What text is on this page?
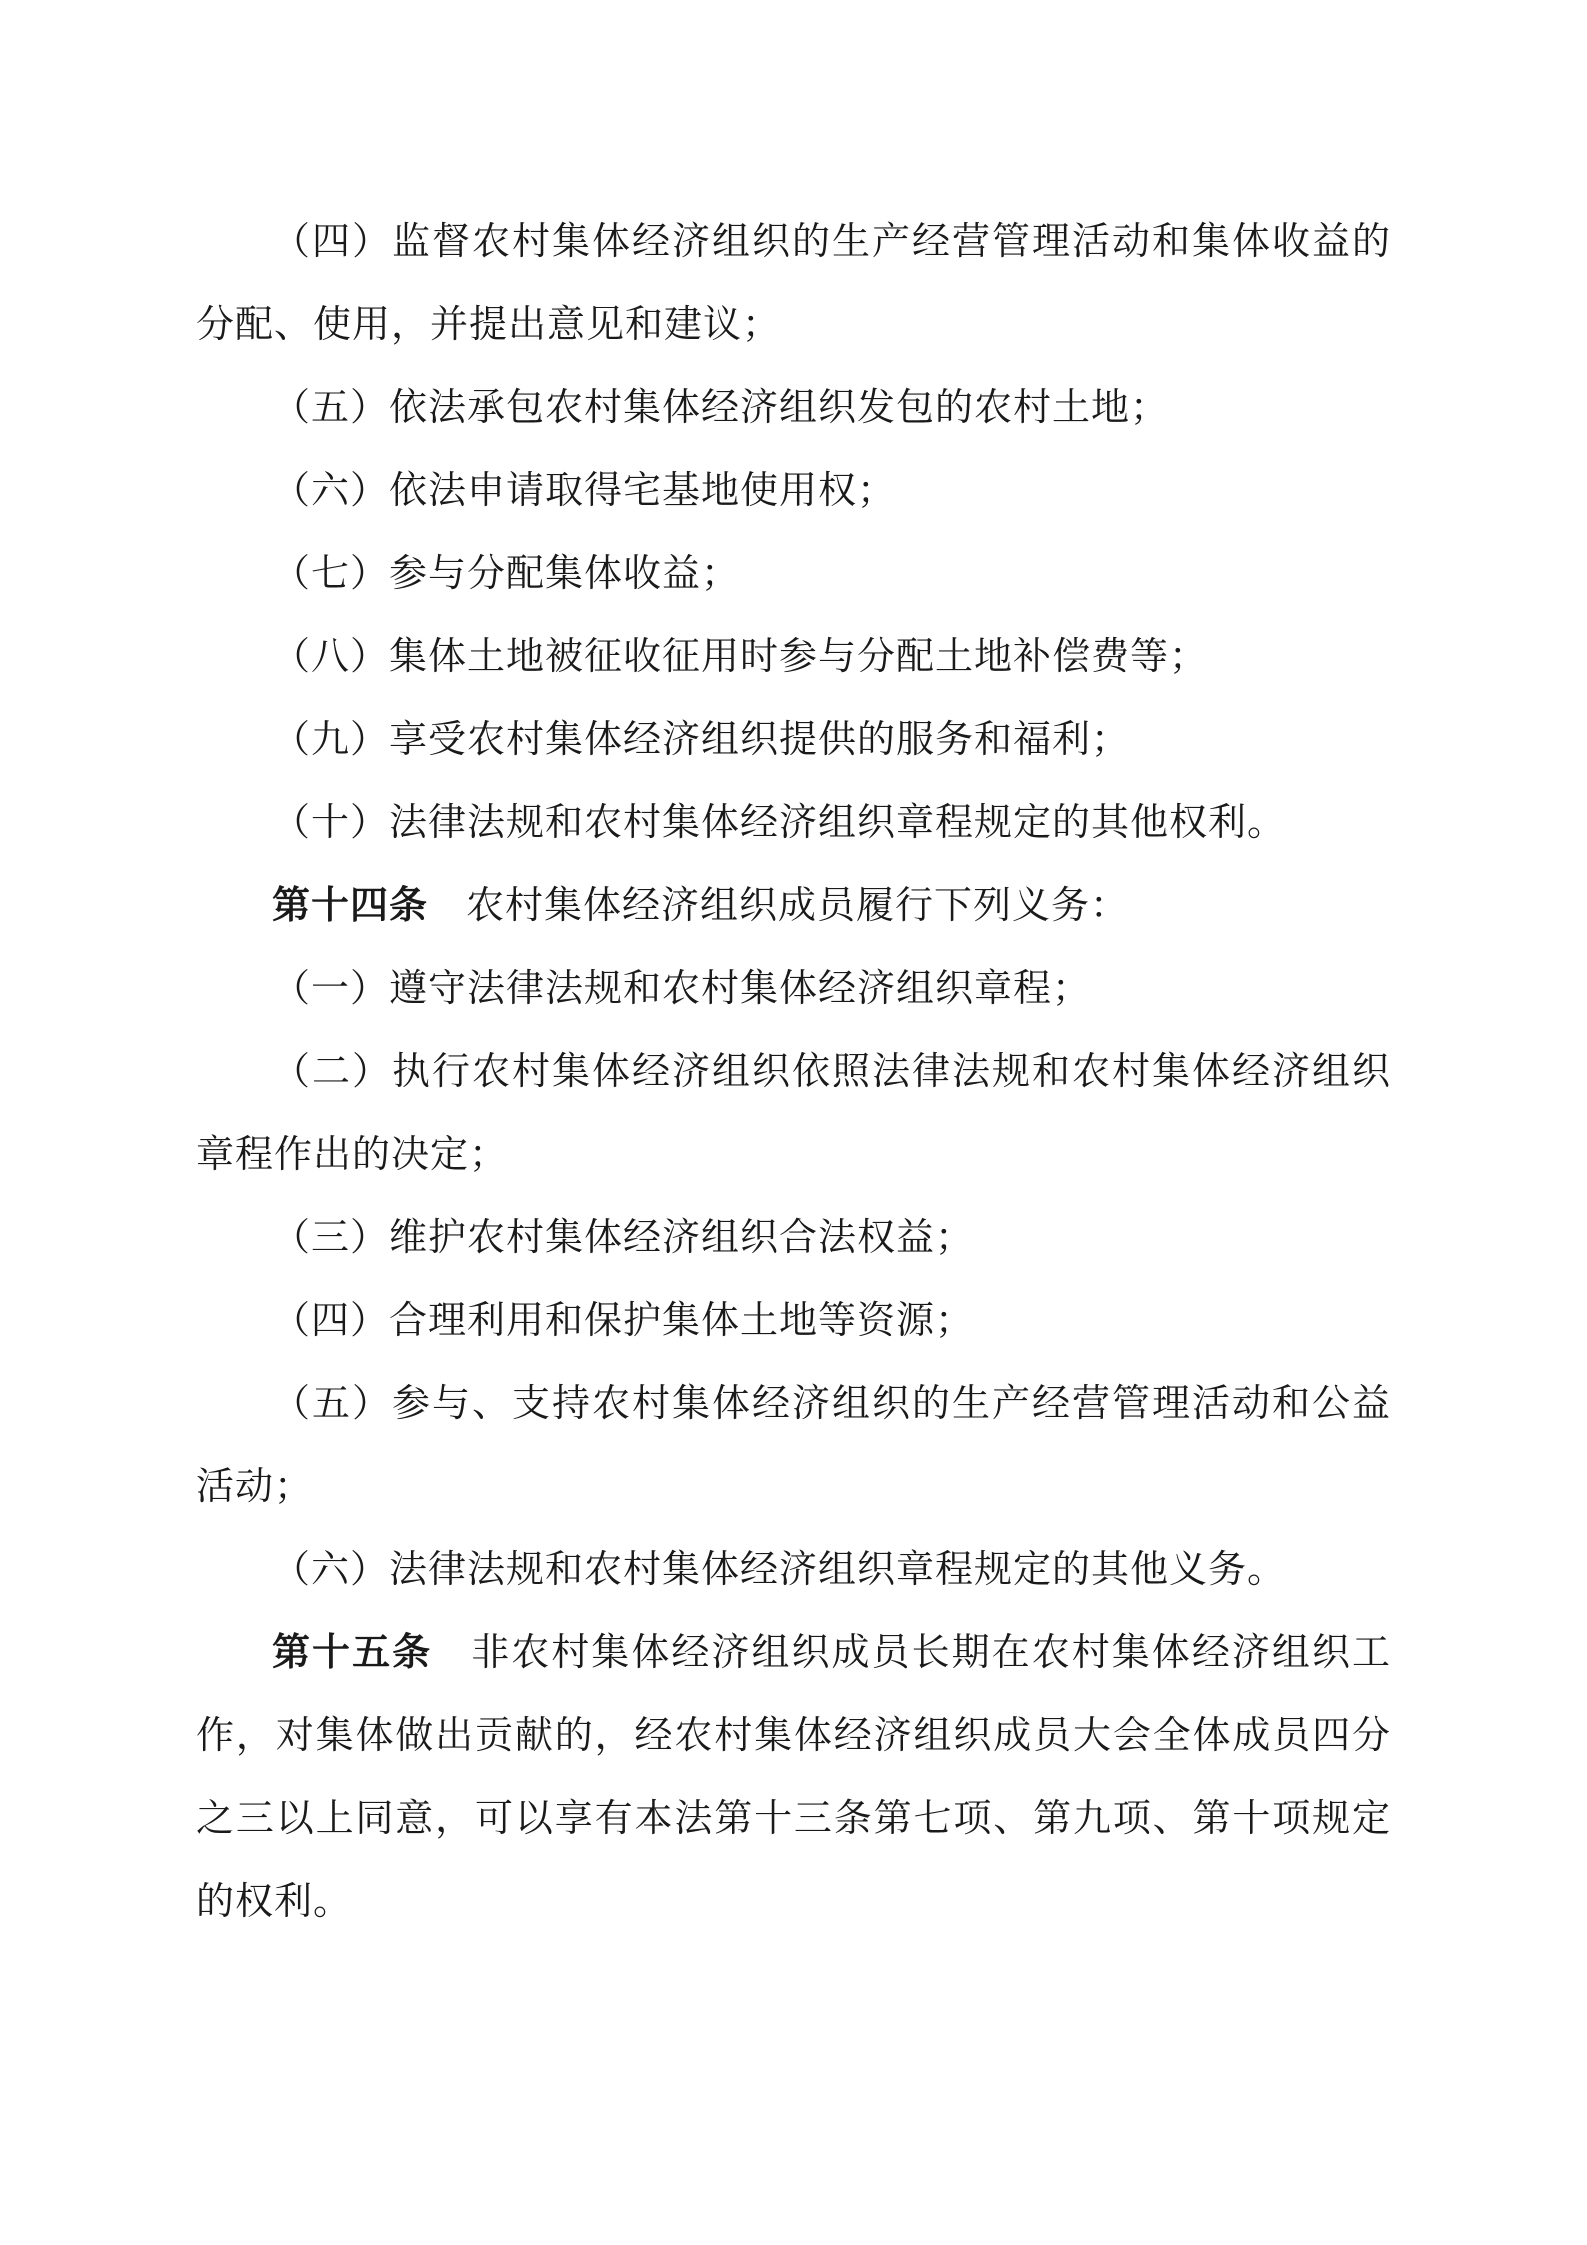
（四）监督农村集体经济组织的生产经营管理活动和集体收益的分配、使用，并提出意见和建议；

（五）依法承包农村集体经济组织发包的农村土地；

（六）依法申请取得宅基地使用权；

（七）参与分配集体收益；

（八）集体土地被征收征用时参与分配土地补偿费等；

（九）享受农村集体经济组织提供的服务和福利；

（十）法律法规和农村集体经济组织章程规定的其他权利。

第十四条 农村集体经济组织成员履行下列义务：

（一）遵守法律法规和农村集体经济组织章程；

（二）执行农村集体经济组织依照法律法规和农村集体经济组织章程作出的决定；

（三）维护农村集体经济组织合法权益；

（四）合理利用和保护集体土地等资源；

（五）参与、支持农村集体经济组织的生产经营管理活动和公益活动；

（六）法律法规和农村集体经济组织章程规定的其他义务。

第十五条 非农村集体经济组织成员长期在农村集体经济组织工作，对集体做出贡献的，经农村集体经济组织成员大会全体成员四分之三以上同意，可以享有本法第十三条第七项、第九项、第十项规定的权利。
